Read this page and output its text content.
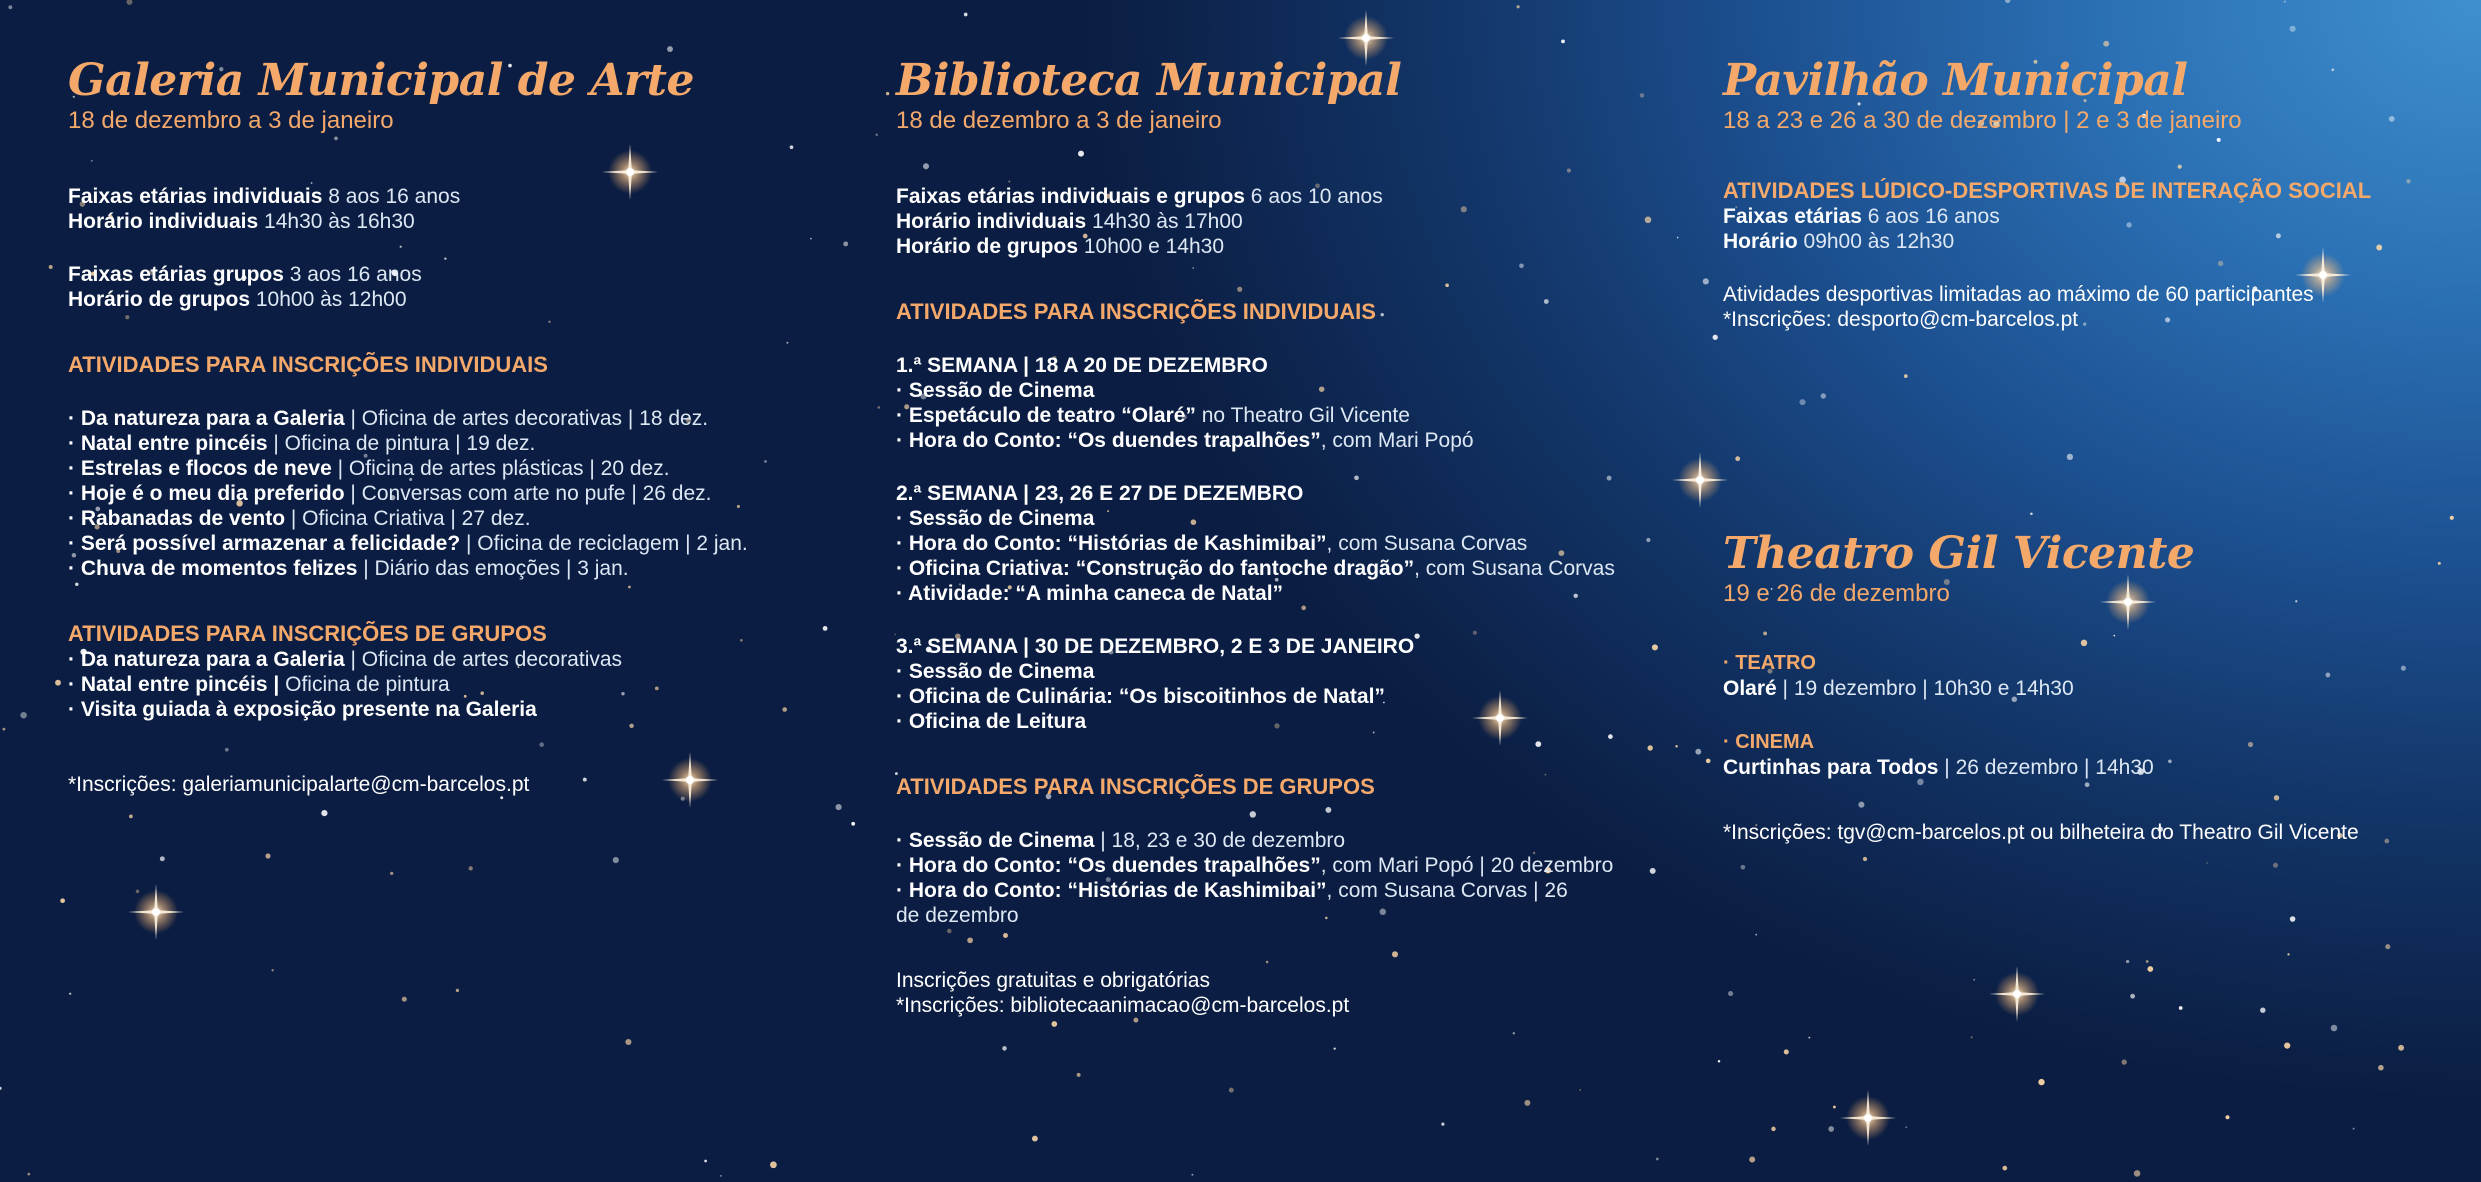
Galeria Municipal de Arte

18 de dezembro a 3 de janeiro

Faixas etárias individuais 8 aos 16 anos

Horário individuais 14h30 às 16h30

Faixas etárias grupos 3 aos 16 anos

Horário de grupos 10h00 às 12h00

ATIVIDADES PARA INSCRIÇÕES INDIVIDUAIS

· Da natureza para a Galeria | Oficina de artes decorativas | 18 dez.

· Natal entre pincéis | Oficina de pintura | 19 dez.

· Estrelas e flocos de neve | Oficina de artes plásticas | 20 dez.

· Hoje é o meu dia preferido | Conversas com arte no pufe | 26 dez.

· Rabanadas de vento | Oficina Criativa | 27 dez.

· Será possível armazenar a felicidade? | Oficina de reciclagem | 2 jan.

· Chuva de momentos felizes | Diário das emoções | 3 jan.

ATIVIDADES PARA INSCRIÇÕES DE GRUPOS

· Da natureza para a Galeria | Oficina de artes decorativas

· Natal entre pincéis | Oficina de pintura

· Visita guiada à exposição presente na Galeria

*Inscrições: galeriamunicipalarte@cm-barcelos.pt

Biblioteca Municipal

18 de dezembro a 3 de janeiro

Faixas etárias individuais e grupos 6 aos 10 anos

Horário individuais 14h30 às 17h00

Horário de grupos 10h00 e 14h30

ATIVIDADES PARA INSCRIÇÕES INDIVIDUAIS

1.ª SEMANA | 18 A 20 DE DEZEMBRO

· Sessão de Cinema

· Espetáculo de teatro “Olaré” no Theatro Gil Vicente

· Hora do Conto: “Os duendes trapalhões”, com Mari Popó

2.ª SEMANA | 23, 26 E 27 DE DEZEMBRO

· Sessão de Cinema

· Hora do Conto: “Histórias de Kashimibai”, com Susana Corvas

· Oficina Criativa: “Construção do fantoche dragão”, com Susana Corvas

· Atividade: “A minha caneca de Natal”

3.ª SEMANA | 30 DE DEZEMBRO, 2 E 3 DE JANEIRO

· Sessão de Cinema

· Oficina de Culinária: “Os biscoitinhos de Natal”

· Oficina de Leitura

ATIVIDADES PARA INSCRIÇÕES DE GRUPOS

· Sessão de Cinema | 18, 23 e 30 de dezembro

· Hora do Conto: “Os duendes trapalhões”, com Mari Popó | 20 dezembro

· Hora do Conto: “Histórias de Kashimibai”, com Susana Corvas | 26 de dezembro

Inscrições gratuitas e obrigatórias

*Inscrições: bibliotecaanimacao@cm-barcelos.pt

Pavilhão Municipal

18 a 23 e 26 a 30 de dezembro | 2 e 3 de janeiro

ATIVIDADES LÚDICO-DESPORTIVAS DE INTERAÇÃO SOCIAL

Faixas etárias 6 aos 16 anos

Horário 09h00 às 12h30

Atividades desportivas limitadas ao máximo de 60 participantes

*Inscrições: desporto@cm-barcelos.pt

Theatro Gil Vicente

19 e 26 de dezembro

· TEATRO

Olaré | 19 dezembro | 10h30 e 14h30

· CINEMA

Curtinhas para Todos | 26 dezembro | 14h30

*Inscrições: tgv@cm-barcelos.pt ou bilheteira do Theatro Gil Vicente
